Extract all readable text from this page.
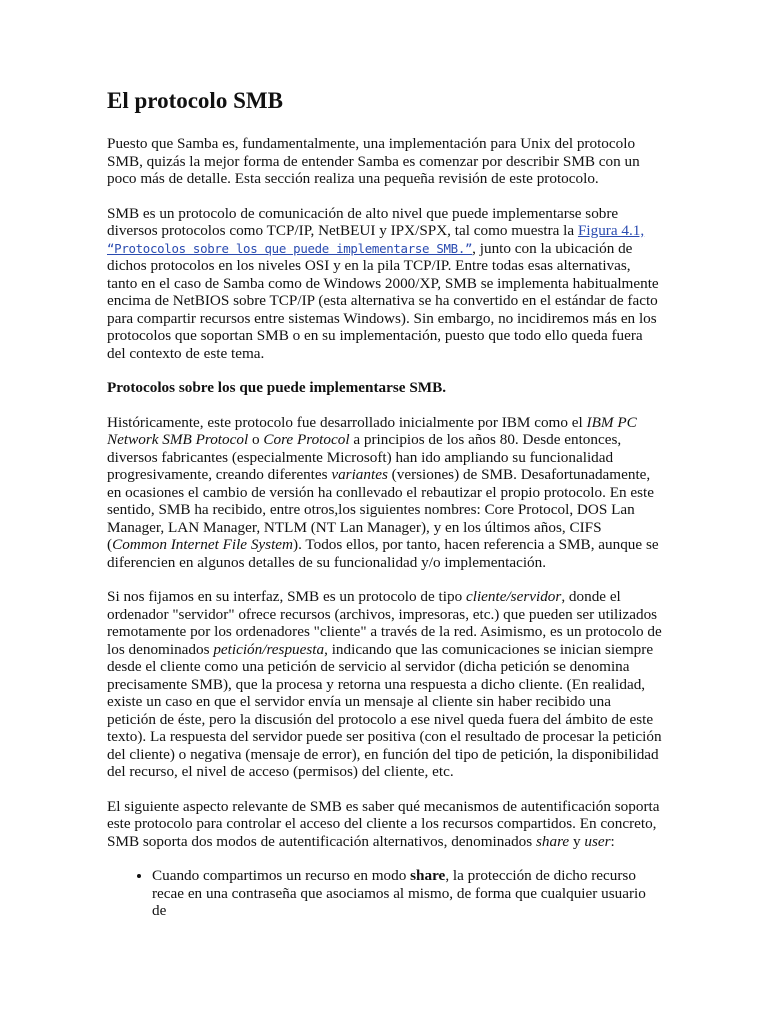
El protocolo SMB

Puesto que Samba es, fundamentalmente, una implementación para Unix del protocolo SMB, quizás la mejor forma de entender Samba es comenzar por describir SMB con un poco más de detalle. Esta sección realiza una pequeña revisión de este protocolo.

SMB es un protocolo de comunicación de alto nivel que puede implementarse sobre diversos protocolos como TCP/IP, NetBEUI y IPX/SPX, tal como muestra la Figura 4.1,
“Protocolos sobre los que puede implementarse SMB.”, junto con la ubicación de dichos protocolos en los niveles OSI y en la pila TCP/IP. Entre todas esas alternativas, tanto en el caso de Samba como de Windows 2000/XP, SMB se implementa habitualmente encima de NetBIOS sobre TCP/IP (esta alternativa se ha convertido en el estándar de facto para compartir recursos entre sistemas Windows). Sin embargo, no incidiremos más en los protocolos que soportan SMB o en su implementación, puesto que todo ello queda fuera del contexto de este tema.

Protocolos sobre los que puede implementarse SMB.

Históricamente, este protocolo fue desarrollado inicialmente por IBM como el IBM PC Network SMB Protocol o Core Protocol a principios de los años 80. Desde entonces, diversos fabricantes (especialmente Microsoft) han ido ampliando su funcionalidad progresivamente, creando diferentes variantes (versiones) de SMB. Desafortunadamente, en ocasiones el cambio de versión ha conllevado el rebautizar el propio protocolo. En este sentido, SMB ha recibido, entre otros,los siguientes nombres: Core Protocol, DOS Lan Manager, LAN Manager, NTLM (NT Lan Manager), y en los últimos años, CIFS (Common Internet File System). Todos ellos, por tanto, hacen referencia a SMB, aunque se diferencien en algunos detalles de su funcionalidad y/o implementación.

Si nos fijamos en su interfaz, SMB es un protocolo de tipo cliente/servidor, donde el ordenador "servidor" ofrece recursos (archivos, impresoras, etc.) que pueden ser utilizados remotamente por los ordenadores "cliente" a través de la red. Asimismo, es un protocolo de los denominados petición/respuesta, indicando que las comunicaciones se inician siempre desde el cliente como una petición de servicio al servidor (dicha petición se denomina precisamente SMB), que la procesa y retorna una respuesta a dicho cliente. (En realidad, existe un caso en que el servidor envía un mensaje al cliente sin haber recibido una petición de éste, pero la discusión del protocolo a ese nivel queda fuera del ámbito de este texto). La respuesta del servidor puede ser positiva (con el resultado de procesar la petición del cliente) o negativa (mensaje de error), en función del tipo de petición, la disponibilidad del recurso, el nivel de acceso (permisos) del cliente, etc.

El siguiente aspecto relevante de SMB es saber qué mecanismos de autentificación soporta este protocolo para controlar el acceso del cliente a los recursos compartidos. En concreto, SMB soporta dos modos de autentificación alternativos, denominados share y user:

• Cuando compartimos un recurso en modo share, la protección de dicho recurso recae en una contraseña que asociamos al mismo, de forma que cualquier usuario de
